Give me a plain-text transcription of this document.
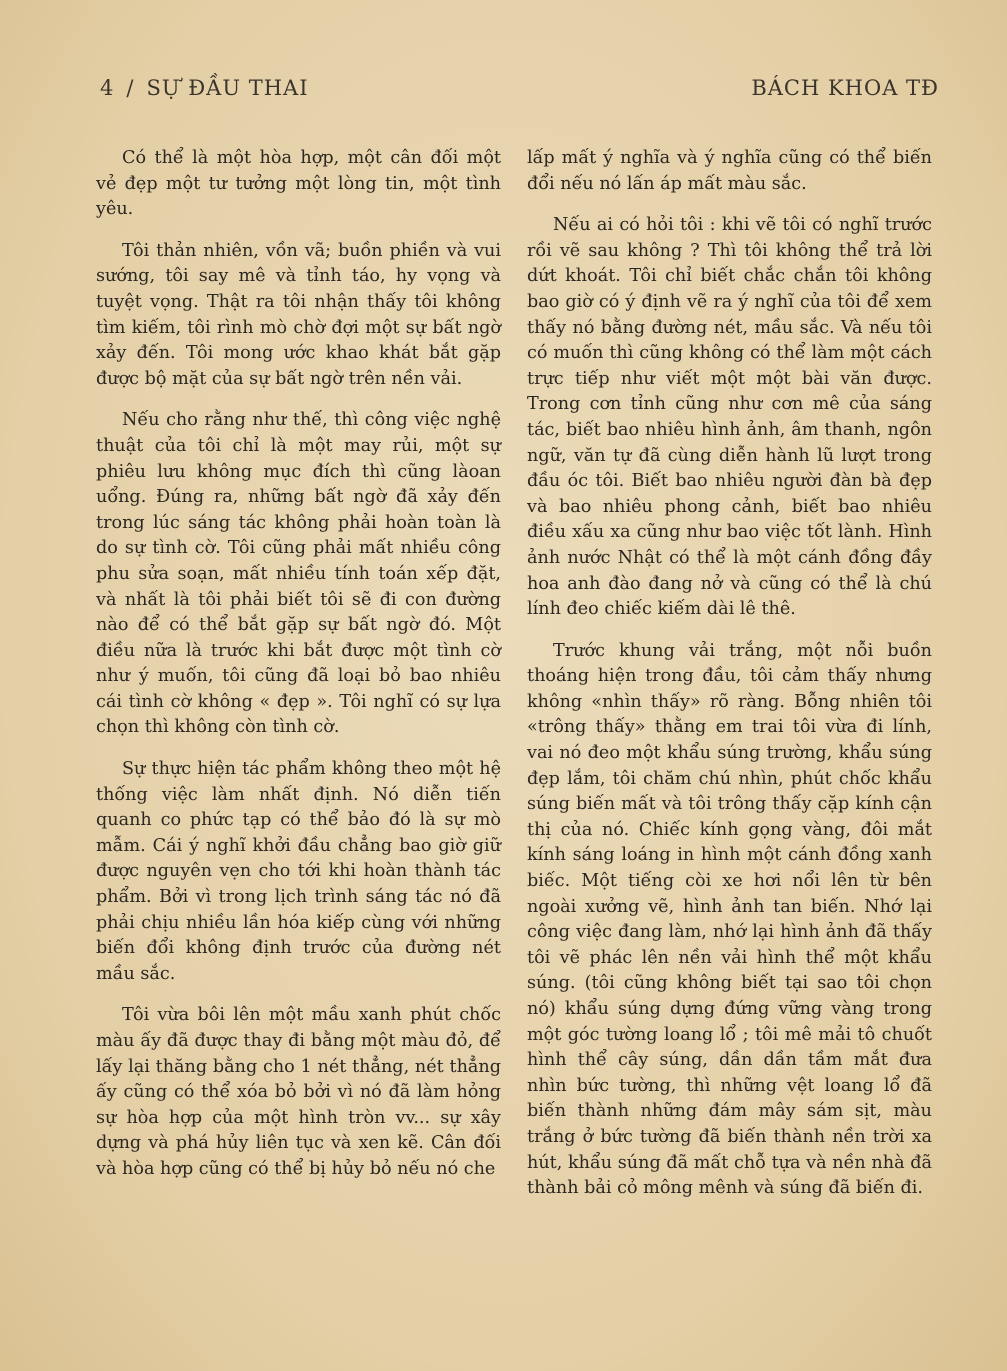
4 / SỰ ĐẦU THAI	BÁCH KHOA TĐ

Có thể là một hòa hợp, một cân đối một vẻ đẹp một tư tưởng một lòng tin, một tình yêu.

Tôi thản nhiên, vồn vã; buồn phiền và vui sướng, tôi say mê và tỉnh táo, hy vọng và tuyệt vọng. Thật ra tôi nhận thấy tôi không tìm kiếm, tôi rình mò chờ đợi một sự bất ngờ xảy đến. Tôi mong ước khao khát bắt gặp được bộ mặt của sự bất ngờ trên nền vải.

Nếu cho rằng như thế, thì công việc nghệ thuật của tôi chỉ là một may rủi, một sự phiêu lưu không mục đích thì cũng làoan uổng. Đúng ra, những bất ngờ đã xảy đến trong lúc sáng tác không phải hoàn toàn là do sự tình cờ. Tôi cũng phải mất nhiều công phu sửa soạn, mất nhiều tính toán xếp đặt, và nhất là tôi phải biết tôi sẽ đi con đường nào để có thể bắt gặp sự bất ngờ đó. Một điều nữa là trước khi bắt được một tình cờ như ý muốn, tôi cũng đã loại bỏ bao nhiêu cái tình cờ không « đẹp ». Tôi nghĩ có sự lựa chọn thì không còn tình cờ.

Sự thực hiện tác phẩm không theo một hệ thống việc làm nhất định. Nó diễn tiến quanh co phức tạp có thể bảo đó là sự mò mẫm. Cái ý nghĩ khởi đầu chẳng bao giờ giữ được nguyên vẹn cho tới khi hoàn thành tác phẩm. Bởi vì trong lịch trình sáng tác nó đã phải chịu nhiều lần hóa kiếp cùng với những biến đổi không định trước của đường nét mầu sắc.

Tôi vừa bôi lên một mầu xanh phút chốc màu ấy đã được thay đi bằng một màu đỏ, để lấy lại thăng bằng cho 1 nét thẳng, nét thẳng ấy cũng có thể xóa bỏ bởi vì nó đã làm hỏng sự hòa hợp của một hình tròn vv... sự xây dựng và phá hủy liên tục và xen kẽ. Cân đối và hòa hợp cũng có thể bị hủy bỏ nếu nó che

lấp mất ý nghĩa và ý nghĩa cũng có thể biến đổi nếu nó lấn áp mất màu sắc.

Nếu ai có hỏi tôi : khi vẽ tôi có nghĩ trước rồi vẽ sau không ? Thì tôi không thể trả lời dứt khoát. Tôi chỉ biết chắc chắn tôi không bao giờ có ý định vẽ ra ý nghĩ của tôi để xem thấy nó bằng đường nét, mầu sắc. Và nếu tôi có muốn thì cũng không có thể làm một cách trực tiếp như viết một một bài văn được. Trong cơn tỉnh cũng như cơn mê của sáng tác, biết bao nhiêu hình ảnh, âm thanh, ngôn ngữ, văn tự đã cùng diễn hành lũ lượt trong đầu óc tôi. Biết bao nhiêu người đàn bà đẹp và bao nhiêu phong cảnh, biết bao nhiêu điều xấu xa cũng như bao việc tốt lành. Hình ảnh nước Nhật có thể là một cánh đồng đầy hoa anh đào đang nở và cũng có thể là chú lính đeo chiếc kiếm dài lê thê.

Trước khung vải trắng, một nỗi buồn thoáng hiện trong đầu, tôi cảm thấy nhưng không «nhìn thấy» rõ ràng. Bỗng nhiên tôi «trông thấy» thằng em trai tôi vừa đi lính, vai nó đeo một khẩu súng trường, khẩu súng đẹp lắm, tôi chăm chú nhìn, phút chốc khẩu súng biến mất và tôi trông thấy cặp kính cận thị của nó. Chiếc kính gọng vàng, đôi mắt kính sáng loáng in hình một cánh đồng xanh biếc. Một tiếng còi xe hơi nổi lên từ bên ngoài xưởng vẽ, hình ảnh tan biến. Nhớ lại công việc đang làm, nhớ lại hình ảnh đã thấy tôi vẽ phác lên nền vải hình thể một khẩu súng. (tôi cũng không biết tại sao tôi chọn nó) khẩu súng dựng đứng vững vàng trong một góc tường loang lổ ; tôi mê mải tô chuốt hình thể cây súng, dần dần tầm mắt đưa nhìn bức tường, thì những vệt loang lổ đã biến thành những đám mây sám sịt, màu trắng ở bức tường đã biến thành nền trời xa hút, khẩu súng đã mất chỗ tựa và nền nhà đã thành bải cỏ mông mênh và súng đã biến đi.
